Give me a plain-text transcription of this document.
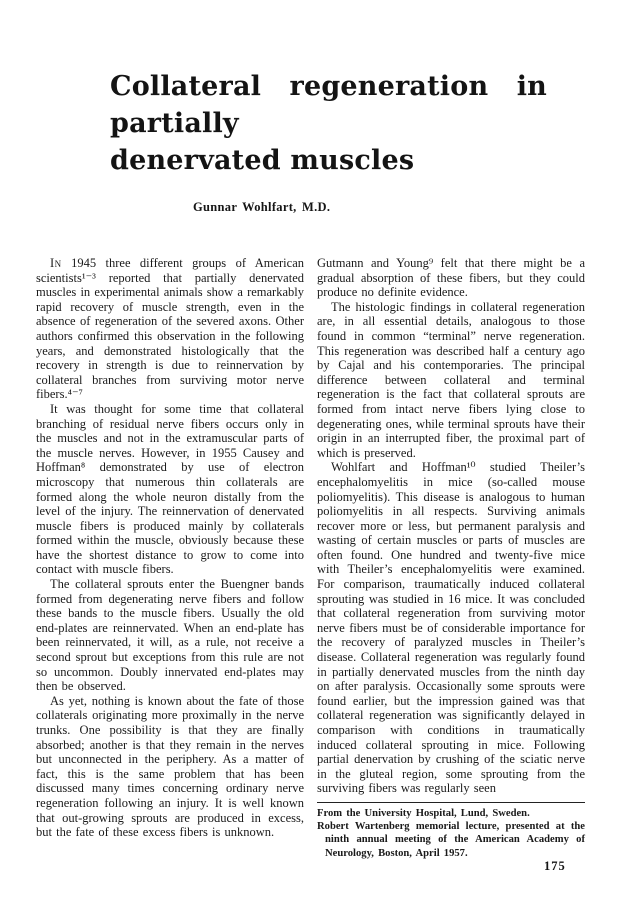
Collateral regeneration in partially
denervated muscles
Gunnar Wohlfart, M.D.

In 1945 three different groups of American scientists¹⁻³ reported that partially denervated muscles in experimental animals show a remarkably rapid recovery of muscle strength, even in the absence of regeneration of the severed axons. Other authors confirmed this observation in the following years, and demonstrated histologically that the recovery in strength is due to reinnervation by collateral branches from surviving motor nerve fibers.⁴⁻⁷

It was thought for some time that collateral branching of residual nerve fibers occurs only in the muscles and not in the extramuscular parts of the muscle nerves. However, in 1955 Causey and Hoffman⁸ demonstrated by use of electron microscopy that numerous thin collaterals are formed along the whole neuron distally from the level of the injury. The reinnervation of denervated muscle fibers is produced mainly by collaterals formed within the muscle, obviously because these have the shortest distance to grow to come into contact with muscle fibers.

The collateral sprouts enter the Buengner bands formed from degenerating nerve fibers and follow these bands to the muscle fibers. Usually the old end-plates are reinnervated. When an end-plate has been reinnervated, it will, as a rule, not receive a second sprout but exceptions from this rule are not so uncommon. Doubly innervated end-plates may then be observed.

As yet, nothing is known about the fate of those collaterals originating more proximally in the nerve trunks. One possibility is that they are finally absorbed; another is that they remain in the nerves but unconnected in the periphery. As a matter of fact, this is the same problem that has been discussed many times concerning ordinary nerve regeneration following an injury. It is well known that out-growing sprouts are produced in excess, but the fate of these excess fibers is unknown.

Gutmann and Young⁹ felt that there might be a gradual absorption of these fibers, but they could produce no definite evidence.

The histologic findings in collateral regeneration are, in all essential details, analogous to those found in common “terminal” nerve regeneration. This regeneration was described half a century ago by Cajal and his contemporaries. The principal difference between collateral and terminal regeneration is the fact that collateral sprouts are formed from intact nerve fibers lying close to degenerating ones, while terminal sprouts have their origin in an interrupted fiber, the proximal part of which is preserved.

Wohlfart and Hoffman¹⁰ studied Theiler’s encephalomyelitis in mice (so-called mouse poliomyelitis). This disease is analogous to human poliomyelitis in all respects. Surviving animals recover more or less, but permanent paralysis and wasting of certain muscles or parts of muscles are often found. One hundred and twenty-five mice with Theiler’s encephalomyelitis were examined. For comparison, traumatically induced collateral sprouting was studied in 16 mice. It was concluded that collateral regeneration from surviving motor nerve fibers must be of considerable importance for the recovery of paralyzed muscles in Theiler’s disease. Collateral regeneration was regularly found in partially denervated muscles from the ninth day on after paralysis. Occasionally some sprouts were found earlier, but the impression gained was that collateral regeneration was significantly delayed in comparison with conditions in traumatically induced collateral sprouting in mice. Following partial denervation by crushing of the sciatic nerve in the gluteal region, some sprouting from the surviving fibers was regularly seen

From the University Hospital, Lund, Sweden.
Robert Wartenberg memorial lecture, presented at the ninth annual meeting of the American Academy of Neurology, Boston, April 1957.
175
